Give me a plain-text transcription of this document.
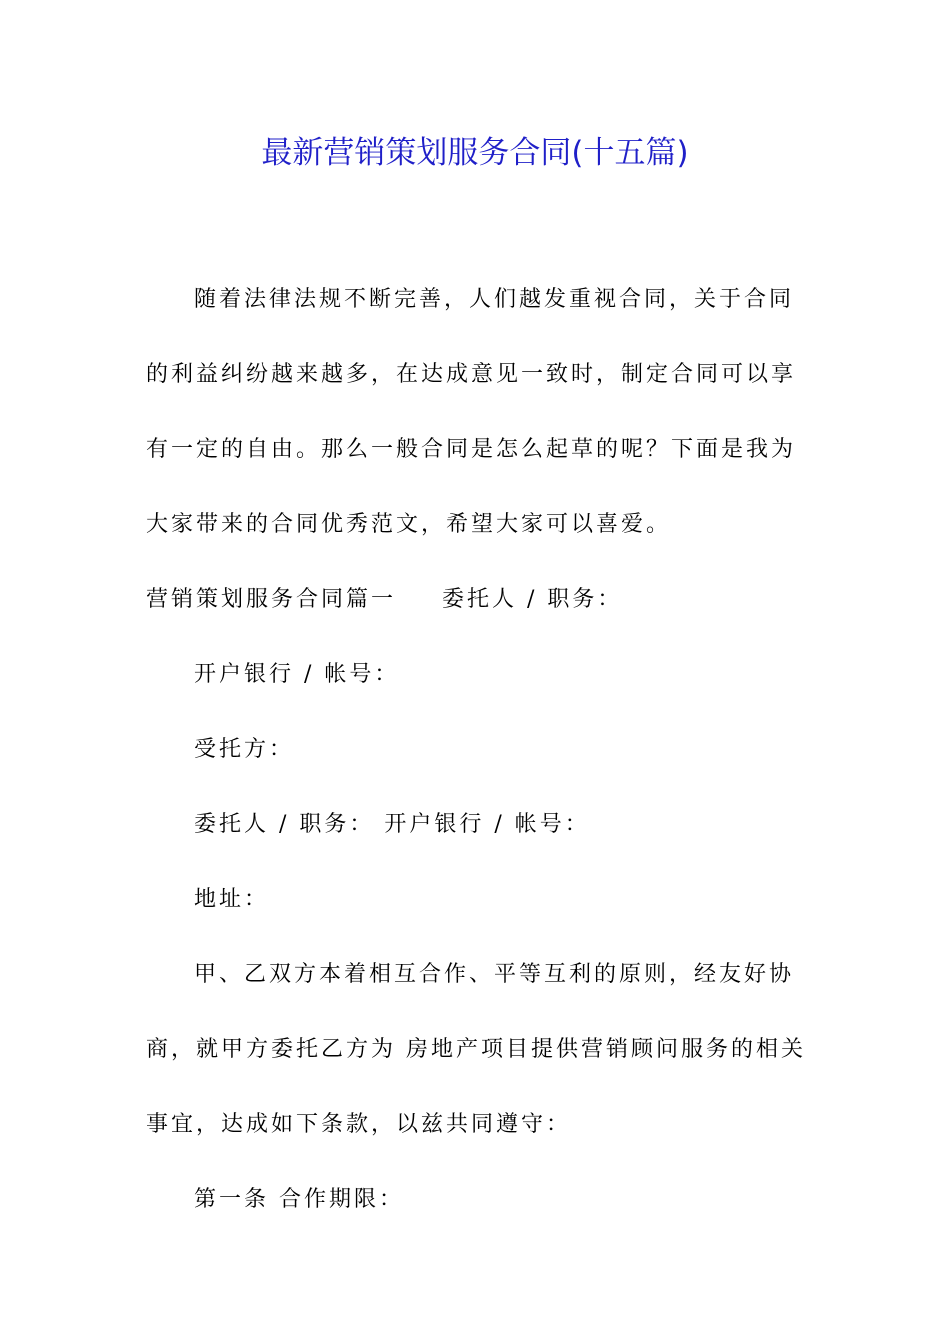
最新营销策划服务合同(十五篇)

随着法律法规不断完善，人们越发重视合同，关于合同的利益纠纷越来越多，在达成意见一致时，制定合同可以享有一定的自由。那么一般合同是怎么起草的呢？下面是我为大家带来的合同优秀范文，希望大家可以喜爱。

营销策划服务合同篇一 委托人 / 职务：

开户银行 / 帐号：

受托方：

委托人 / 职务： 开户银行 / 帐号：

地址：

甲、乙双方本着相互合作、平等互利的原则，经友好协商，就甲方委托乙方为 房地产项目提供营销顾问服务的相关事宜，达成如下条款，以兹共同遵守：

第一条 合作期限：
